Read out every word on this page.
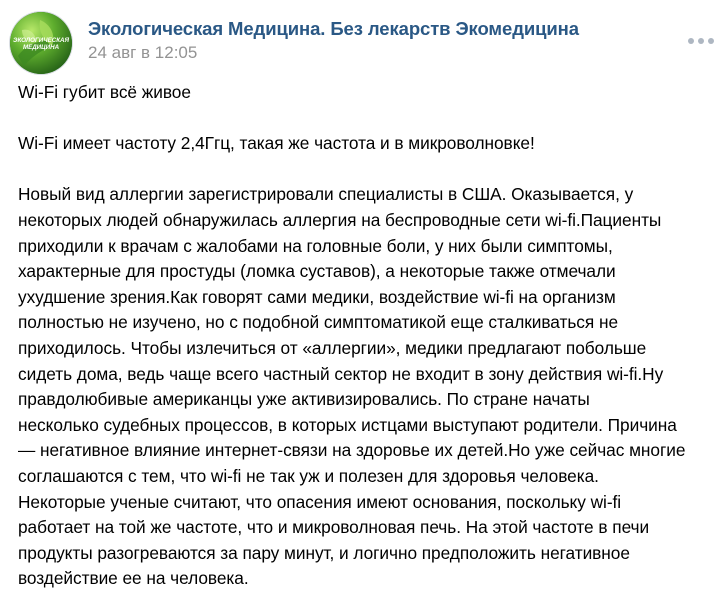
ЭКОЛОГИЧЕСКАЯ
МЕДИЦИНА
Экологическая Медицина. Без лекарств Экомедицина
24 авг в 12:05

Wi-Fi губит всё живое

Wi-Fi имеет частоту 2,4Ггц, такая же частота и в микроволновке!

Новый вид аллергии зарегистрировали специалисты в США. Оказывается, у

некоторых людей обнаружилась аллергия на беспроводные сети wi-fi.Пациенты

приходили к врачам с жалобами на головные боли, у них были симптомы,

характерные для простуды (ломка суставов), а некоторые также отмечали

ухудшение зрения.Как говорят сами медики, воздействие wi-fi на организм

полностью не изучено, но с подобной симптоматикой еще сталкиваться не

приходилось. Чтобы излечиться от «аллергии», медики предлагают побольше

сидеть дома, ведь чаще всего частный сектор не входит в зону действия wi-fi.Ну

правдолюбивые американцы уже активизировались. По стране начаты

несколько судебных процессов, в которых истцами выступают родители. Причина

— негативное влияние интернет-связи на здоровье их детей.Но уже сейчас многие

соглашаются с тем, что wi-fi не так уж и полезен для здоровья человека.

Некоторые ученые считают, что опасения имеют основания, поскольку wi-fi

работает на той же частоте, что и микроволновая печь. На этой частоте в печи

продукты разогреваются за пару минут, и логично предположить негативное

воздействие ее на человека.
